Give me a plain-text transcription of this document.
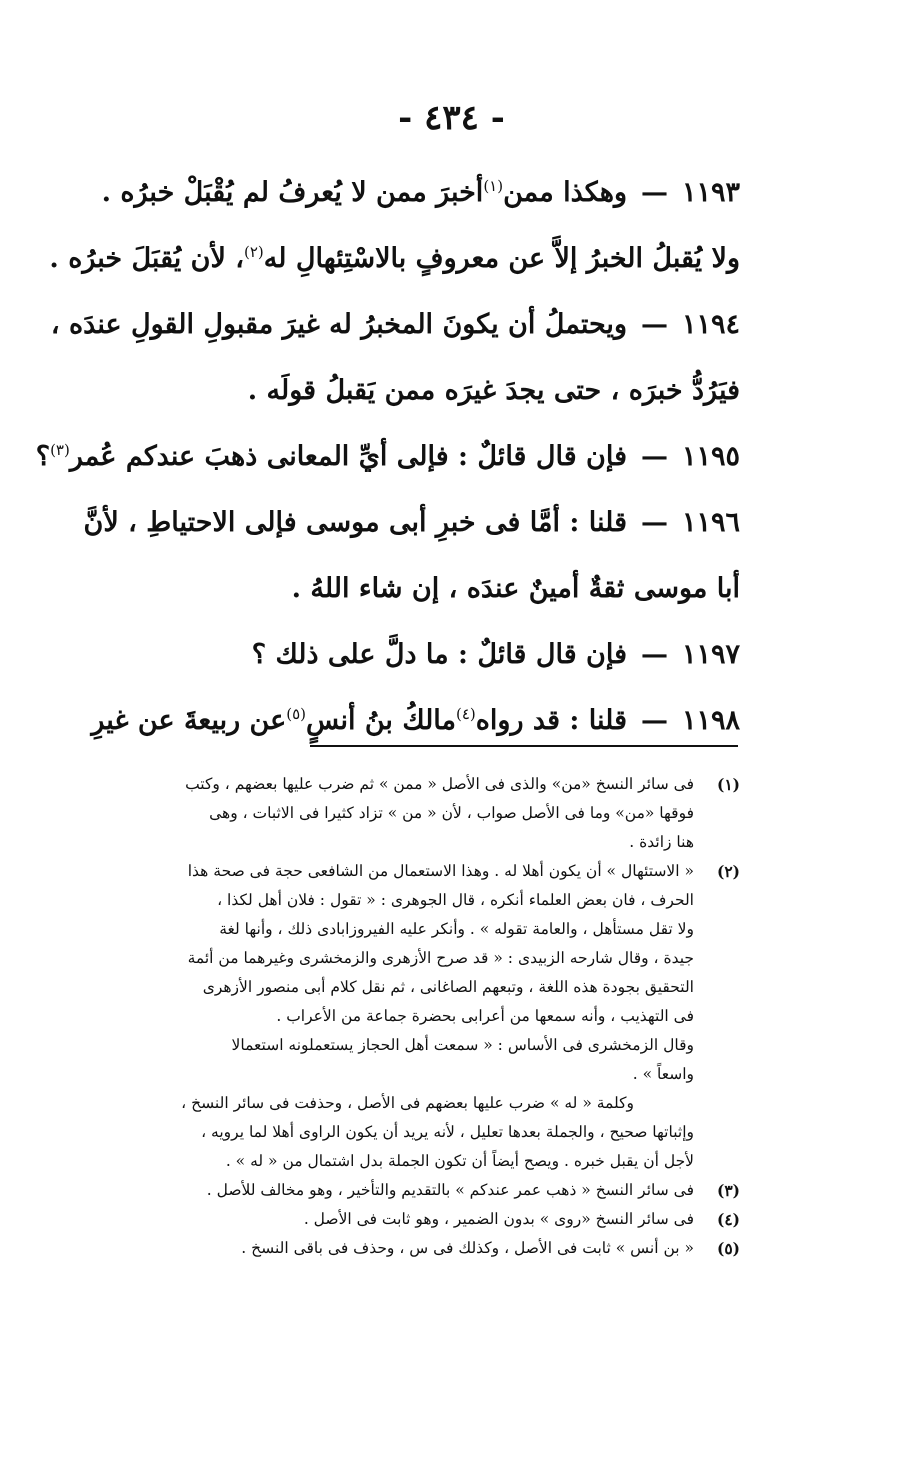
- ٤٣٤ -
١١٩٣—وهكذا ممن$^{(١)}$أخبرَ ممن لا يُعرفُ لم يُقْبَلْ خبرُه .
ولا يُقبلُ الخبرُ إلاَّ عن معروفٍ بالاسْتِئهالِ له$^{(٢)}$، لأن يُقبَلَ خبرُه .
١١٩٤—ويحتملُ أن يكونَ المخبرُ له غيرَ مقبولِ القولِ عندَه ،
فيَرُدُّ خبرَه ، حتى يجدَ غيرَه ممن يَقبلُ قولَه .
١١٩٥—فإن قال قائلٌ : فإلى أيِّ المعانى ذهبَ عندكم عُمر$^{(٣)}$؟
١١٩٦—قلنا : أمَّا فى خبرِ أبى موسى فإلى الاحتياطِ ، لأنَّ
أبا موسى ثقةٌ أمينٌ عندَه ، إن شاء اللهُ .
١١٩٧—فإن قال قائلٌ : ما دلَّ على ذلك ؟
١١٩٨—قلنا : قد رواه$^{(٤)}$مالكُ بنُ أنسٍ$^{(٥)}$عن ربيعةَ عن غيرِ
(١)
فى سائر النسخ «من» والذى فى الأصل « ممن » ثم ضرب عليها بعضهم ، وكتب
فوقها «من» وما فى الأصل صواب ، لأن « من » تزاد كثيرا فى الاثبات ، وهى
هنا زائدة .
(٢)
« الاستئهال » أن يكون أهلا له . وهذا الاستعمال من الشافعى حجة فى صحة هذا
الحرف ، فان بعض العلماء أنكره ، قال الجوهرى : « تقول : فلان أهل لكذا ،
ولا تقل مستأهل ، والعامة تقوله » . وأنكر عليه الفيروزابادى ذلك ، وأنها لغة
جيدة ، وقال شارحه الزبيدى : « قد صرح الأزهرى والزمخشرى وغيرهما من أئمة
التحقيق بجودة هذه اللغة ، وتبعهم الصاغانى ، ثم نقل كلام أبى منصور الأزهرى
فى التهذيب ، وأنه سمعها من أعرابى بحضرة جماعة من الأعراب .
وقال الزمخشرى فى الأساس : « سمعت أهل الحجاز يستعملونه استعمالا
واسعاً » .
وكلمة « له » ضرب عليها بعضهم فى الأصل ، وحذفت فى سائر النسخ ،
وإثباتها صحيح ، والجملة بعدها تعليل ، لأنه يريد أن يكون الراوى أهلا لما يرويه ،
لأجل أن يقبل خبره . ويصح أيضاً أن تكون الجملة بدل اشتمال من « له » .
(٣)
فى سائر النسخ « ذهب عمر عندكم » بالتقديم والتأخير ، وهو مخالف للأصل .
(٤)
فى سائر النسخ «روى » بدون الضمير ، وهو ثابت فى الأصل .
(٥)
« بن أنس » ثابت فى الأصل ، وكذلك فى س ، وحذف فى باقى النسخ .
